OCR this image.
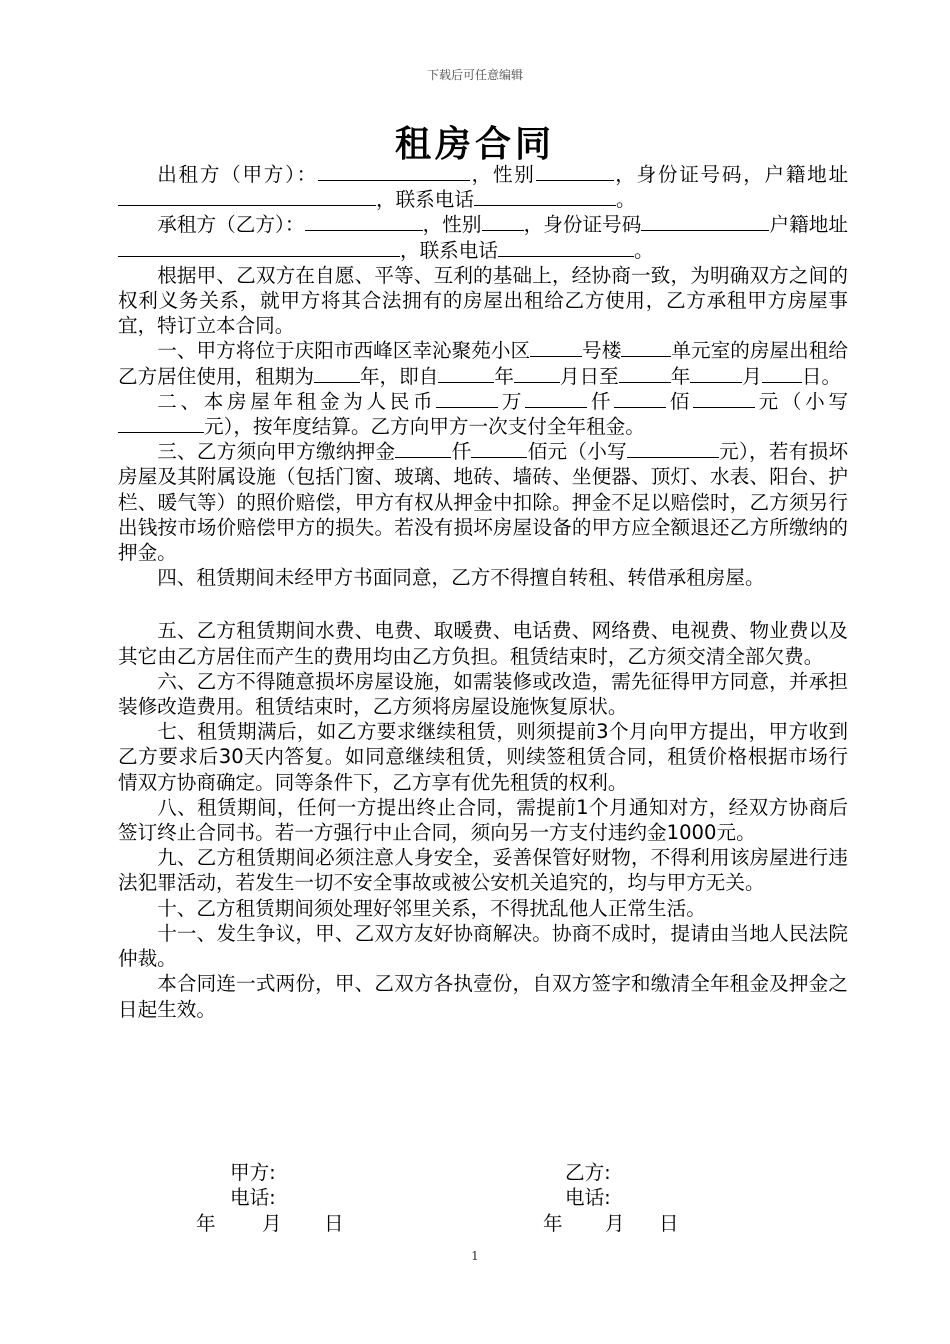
下载后可任意编辑
租房合同

出租方（甲方）：	，性别	，身份证号码，户籍地址，联系电话	。

承租方（乙方）：	，性别 ，身份证号码	户籍地址，联系电话	。

根据甲、乙双方在自愿、平等、互利的基础上，经协商一致，为明确双方之间的权利义务关系，就甲方将其合法拥有的房屋出租给乙方使用，乙方承租甲方房屋事宜，特订立本合同。

一、甲方将位于庆阳市西峰区幸沁聚苑小区	号楼	单元室的房屋出租给乙方居住使用，租期为 年，即自	年 月日至	年	月 日。

二、本房屋年租金为人民币	万	仟	佰	元（小写元），按年度结算。乙方向甲方一次支付全年租金。

三、乙方须向甲方缴纳押金	仟	佰元（小写	元），若有损坏房屋及其附属设施（包括门窗、玻璃、地砖、墙砖、坐便器、顶灯、水表、阳台、护栏、暖气等）的照价赔偿，甲方有权从押金中扣除。押金不足以赔偿时，乙方须另行出钱按市场价赔偿甲方的损失。若没有损坏房屋设备的甲方应全额退还乙方所缴纳的押金。

四、租赁期间未经甲方书面同意，乙方不得擅自转租、转借承租房屋。

五、乙方租赁期间水费、电费、取暖费、电话费、网络费、电视费、物业费以及其它由乙方居住而产生的费用均由乙方负担。租赁结束时，乙方须交清全部欠费。

六、乙方不得随意损坏房屋设施，如需装修或改造，需先征得甲方同意，并承担装修改造费用。租赁结束时，乙方须将房屋设施恢复原状。

七、租赁期满后，如乙方要求继续租赁，则须提前3个月向甲方提出，甲方收到乙方要求后30天内答复。如同意继续租赁，则续签租赁合同，租赁价格根据市场行情双方协商确定。同等条件下，乙方享有优先租赁的权利。

八、租赁期间，任何一方提出终止合同，需提前1个月通知对方，经双方协商后签订终止合同书。若一方强行中止合同，须向另一方支付违约金1000元。

九、乙方租赁期间必须注意人身安全，妥善保管好财物，不得利用该房屋进行违法犯罪活动，若发生一切不安全事故或被公安机关追究的，均与甲方无关。

十、乙方租赁期间须处理好邻里关系，不得扰乱他人正常生活。

十一、发生争议，甲、乙双方友好协商解决。协商不成时，提请由当地人民法院仲裁。

本合同连一式两份，甲、乙双方各执壹份，自双方签字和缴清全年租金及押金之日起生效。

甲方:
电话:
年 月 日
乙方:
电话:
年 月 日
1
